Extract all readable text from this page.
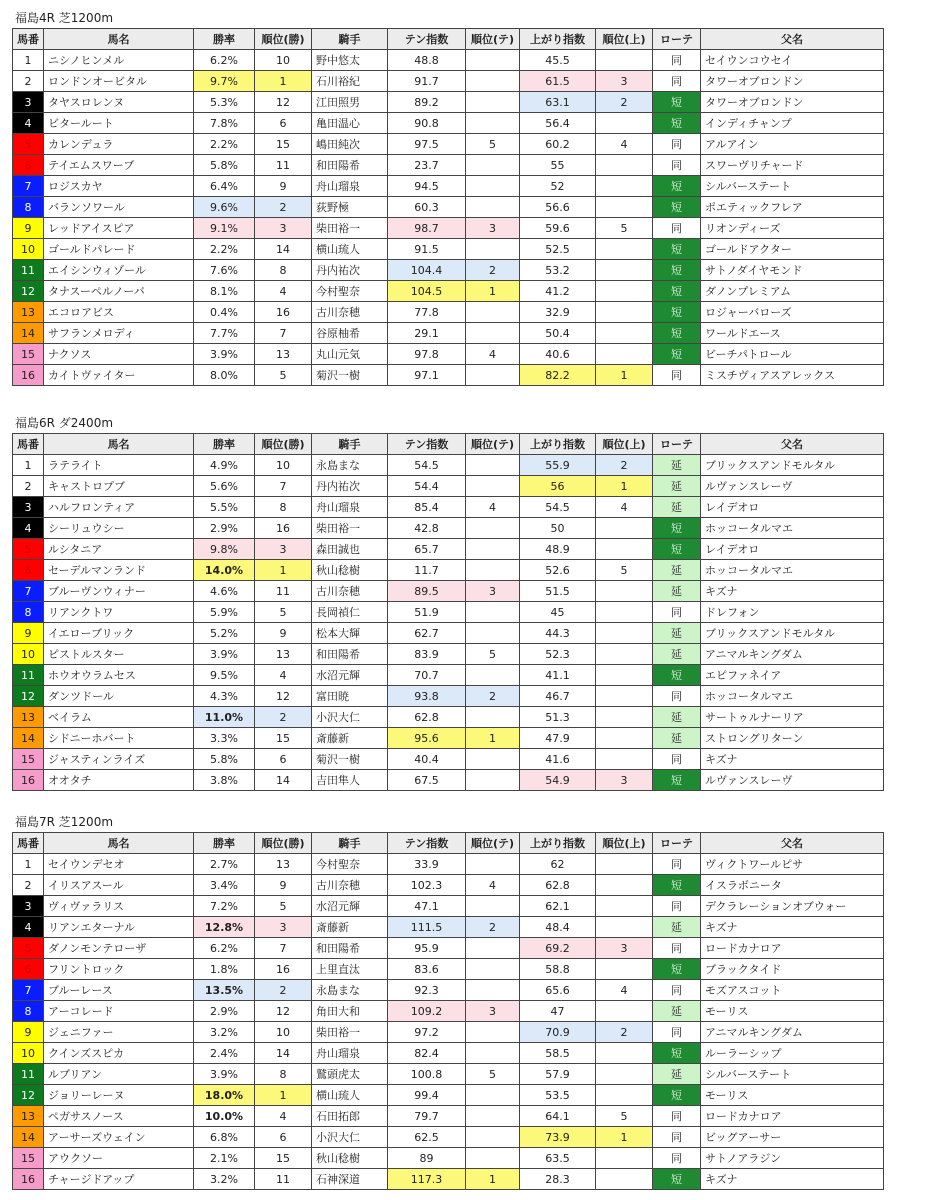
福島4R 芝1200m
馬番	馬名	勝率	順位(勝)	騎手	テン指数	順位(テ)	上がり指数	順位(上)	ローテ	父名
1	ニシノヒンメル	6.2%	10	野中悠太	48.8		45.5		同	セイウンコウセイ
2	ロンドンオービタル	9.7%	1	石川裕紀	91.7		61.5	3	同	タワーオブロンドン
3	タヤスロレンヌ	5.3%	12	江田照男	89.2		63.1	2	短	タワーオブロンドン
4	ビタールート	7.8%	6	亀田温心	90.8		56.4		短	インディチャンプ
5	カレンデュラ	2.2%	15	嶋田純次	97.5	5	60.2	4	同	アルアイン
6	テイエムスワーブ	5.8%	11	和田陽希	23.7		55		同	スワーヴリチャード
7	ロジスカヤ	6.4%	9	舟山瑠泉	94.5		52		短	シルバーステート
8	バランソワール	9.6%	2	荻野極	60.3		56.6		短	ポエティックフレア
9	レッドアイスピア	9.1%	3	柴田裕一	98.7	3	59.6	5	同	リオンディーズ
10	ゴールドパレード	2.2%	14	横山琉人	91.5		52.5		短	ゴールドアクター
11	エイシンウィゾール	7.6%	8	丹内祐次	104.4	2	53.2		短	サトノダイヤモンド
12	タナスーペルノーバ	8.1%	4	今村聖奈	104.5	1	41.2		短	ダノンプレミアム
13	エコロアビス	0.4%	16	古川奈穂	77.8		32.9		短	ロジャーバローズ
14	サフランメロディ	7.7%	7	谷原柚希	29.1		50.4		短	ワールドエース
15	ナクソス	3.9%	13	丸山元気	97.8	4	40.6		短	ビーチパトロール
16	カイトヴァイター	8.0%	5	菊沢一樹	97.1		82.2	1	同	ミスチヴィアスアレックス
福島6R ダ2400m
馬番	馬名	勝率	順位(勝)	騎手	テン指数	順位(テ)	上がり指数	順位(上)	ローテ	父名
1	ラテライト	4.9%	10	永島まな	54.5		55.9	2	延	ブリックスアンドモルタル
2	キャストロプブ	5.6%	7	丹内祐次	54.4		56	1	延	ルヴァンスレーヴ
3	ハルフロンティア	5.5%	8	舟山瑠泉	85.4	4	54.5	4	延	レイデオロ
4	シーリュウシー	2.9%	16	柴田裕一	42.8		50		短	ホッコータルマエ
5	ルシタニア	9.8%	3	森田誠也	65.7		48.9		短	レイデオロ
6	セーデルマンランド	14.0%	1	秋山稔樹	11.7		52.6	5	延	ホッコータルマエ
7	ブルーヴンウィナー	4.6%	11	古川奈穂	89.5	3	51.5		延	キズナ
8	リアンクトワ	5.9%	5	長岡禎仁	51.9		45		同	ドレフォン
9	イエローブリック	5.2%	9	松本大輝	62.7		44.3		延	ブリックスアンドモルタル
10	ピストルスター	3.9%	13	和田陽希	83.9	5	52.3		延	アニマルキングダム
11	ホウオウラムセス	9.5%	4	水沼元輝	70.7		41.1		短	エピファネイア
12	ダンツドール	4.3%	12	富田暁	93.8	2	46.7		同	ホッコータルマエ
13	ベイラム	11.0%	2	小沢大仁	62.8		51.3		延	サートゥルナーリア
14	シドニーホバート	3.3%	15	斎藤新	95.6	1	47.9		延	ストロングリターン
15	ジャスティンライズ	5.8%	6	菊沢一樹	40.4		41.6		同	キズナ
16	オオタチ	3.8%	14	吉田隼人	67.5		54.9	3	短	ルヴァンスレーヴ
福島7R 芝1200m
馬番	馬名	勝率	順位(勝)	騎手	テン指数	順位(テ)	上がり指数	順位(上)	ローテ	父名
1	セイウンデセオ	2.7%	13	今村聖奈	33.9		62		同	ヴィクトワールピサ
2	イリスアスール	3.4%	9	古川奈穂	102.3	4	62.8		短	イスラボニータ
3	ヴィヴァラリス	7.2%	5	水沼元輝	47.1		62.1		同	デクラレーションオブウォー
4	リアンエターナル	12.8%	3	斎藤新	111.5	2	48.4		延	キズナ
5	ダノンモンテローザ	6.2%	7	和田陽希	95.9		69.2	3	同	ロードカナロア
6	フリントロック	1.8%	16	上里直汰	83.6		58.8		短	ブラックタイド
7	ブルーレース	13.5%	2	永島まな	92.3		65.6	4	同	モズアスコット
8	アーコレード	2.9%	12	角田大和	109.2	3	47		延	モーリス
9	ジェニファー	3.2%	10	柴田裕一	97.2		70.9	2	同	アニマルキングダム
10	クインズスピカ	2.4%	14	舟山瑠泉	82.4		58.5		短	ルーラーシップ
11	ルブリアン	3.9%	8	鷲頭虎太	100.8	5	57.9		延	シルバーステート
12	ジョリーレーヌ	18.0%	1	横山琉人	99.4		53.5		短	モーリス
13	ペガサスノース	10.0%	4	石田拓郎	79.7		64.1	5	同	ロードカナロア
14	アーサーズウェイン	6.8%	6	小沢大仁	62.5		73.9	1	同	ビッグアーサー
15	アウクソー	2.1%	15	秋山稔樹	89		63.5		同	サトノアラジン
16	チャージドアップ	3.2%	11	石神深道	117.3	1	28.3		短	キズナ
